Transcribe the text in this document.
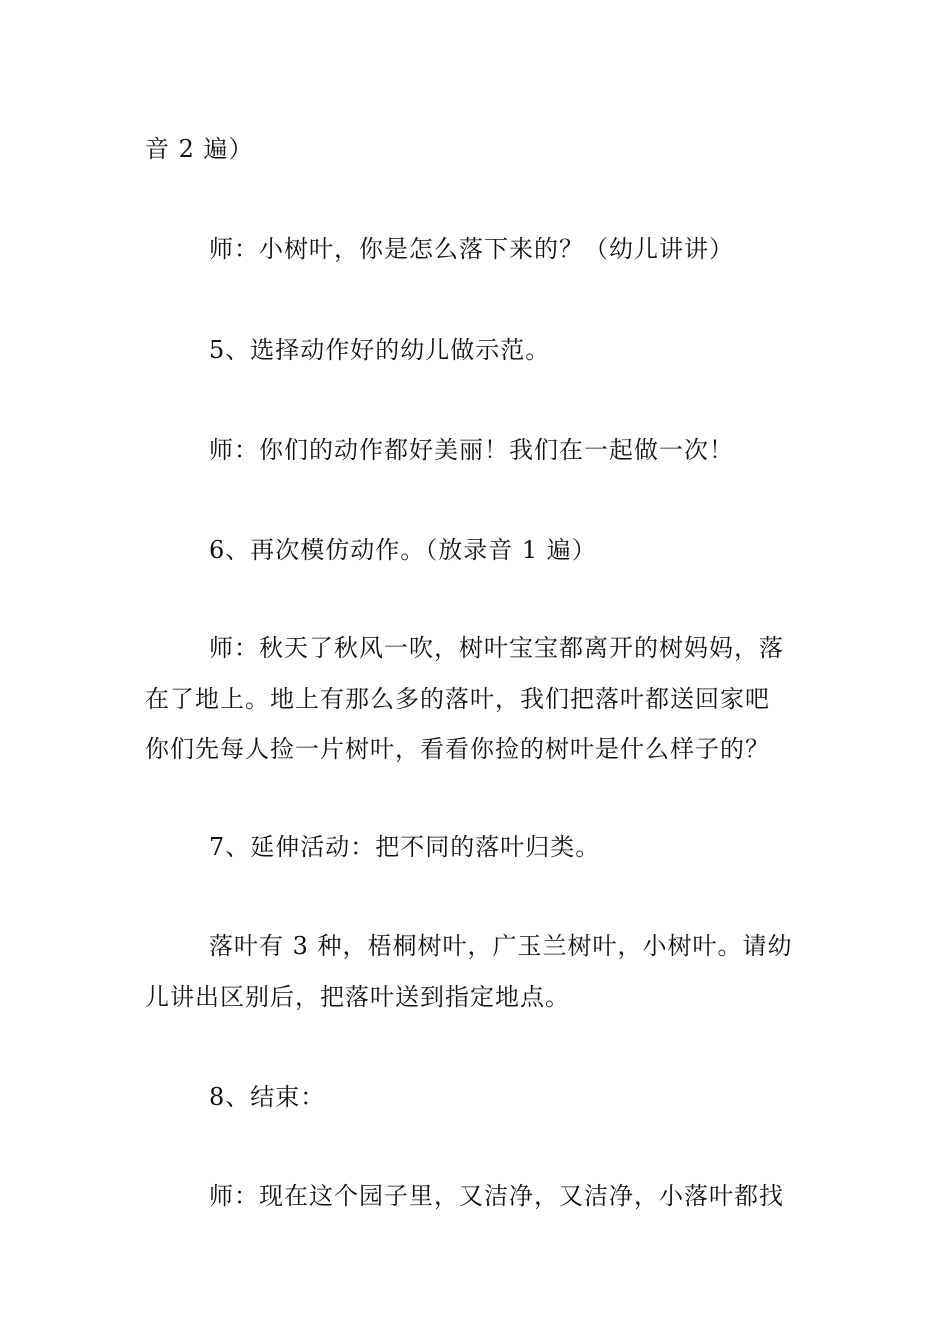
音 2 遍）
师：小树叶，你是怎么落下来的？（幼儿讲讲）
5、选择动作好的幼儿做示范。
师：你们的动作都好美丽！我们在一起做一次！
6、再次模仿动作。（放录音 1 遍）
师：秋天了秋风一吹，树叶宝宝都离开的树妈妈，落
在了地上。地上有那么多的落叶，我们把落叶都送回家吧
你们先每人捡一片树叶，看看你捡的树叶是什么样子的？
7、延伸活动：把不同的落叶归类。
落叶有 3 种，梧桐树叶，广玉兰树叶，小树叶。请幼
儿讲出区别后，把落叶送到指定地点。
8、结束：
师：现在这个园子里，又洁净，又洁净，小落叶都找
